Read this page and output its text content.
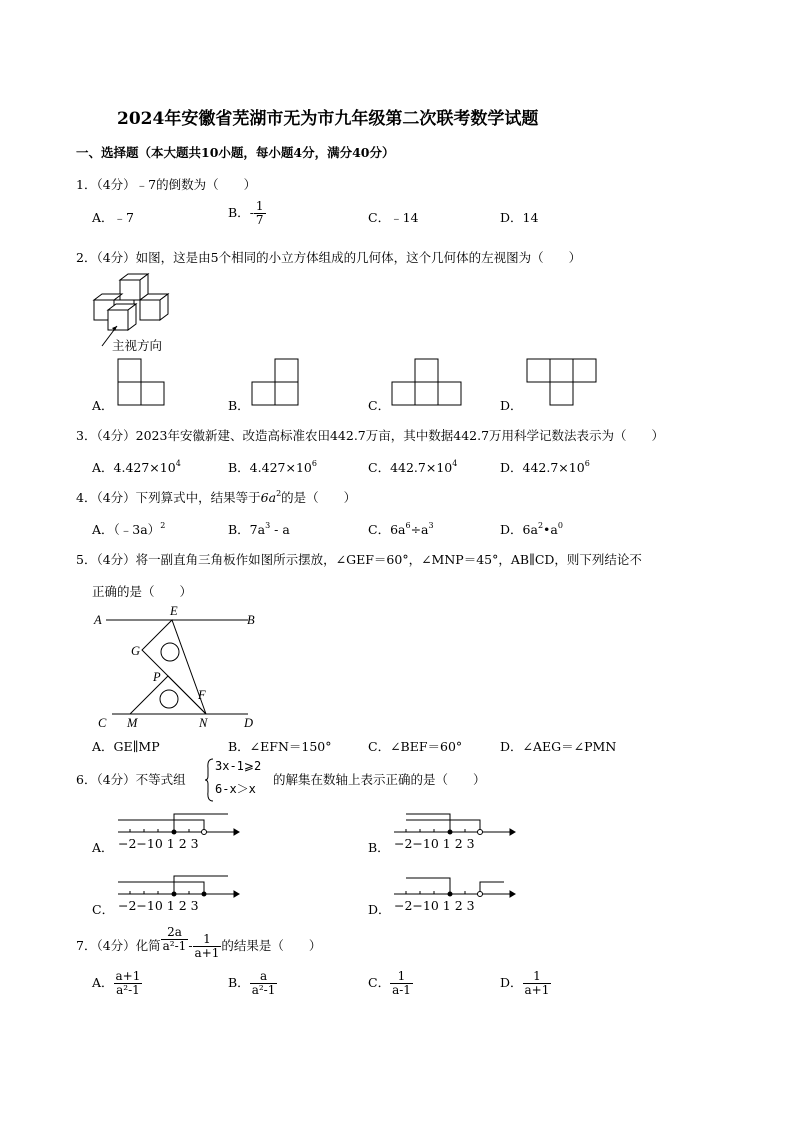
2024年安徽省芜湖市无为市九年级第二次联考数学试题
一、选择题（本大题共10小题，每小题4分，满分40分）
1．（4分）﹣7的倒数为（　　）
A．﹣7	B．- $\frac{1}{7}$	C．﹣14	D．14
2．（4分）如图，这是由5个相同的小立方体组成的几何体，这个几何体的左视图为（　　）
主视方向
A．	B．	C．	D．
3．（4分）2023年安徽新建、改造高标准农田442.7万亩，其中数据442.7万用科学记数法表示为（　　）
A．$4.427\times 10^4$	B．$4.427\times 10^6$	C．$442.7\times 10^4$	D．$442.7\times 10^6$
4．（4分）下列算式中，结果等于$6a^2$的是（　　）
A．（﹣3a）$^2$	B．$7a^3$ - a	C．$6a^6\div a^3$	D．$6a^2•a^0$
5．（4分）将一副直角三角板作如图所示摆放，∠GEF＝60°，∠MNP＝45°，AB∥CD，则下列结论不
正确的是（　　）
A	B
E
G
P
F
C M	N	D
A．GE∥MP	B．∠EFN＝150°	C．∠BEF＝60°	D．∠AEG＝∠PMN
6．（4分）不等式组
3x-1⩾2
6-x＞x
的解集在数轴上表示正确的是（　　）
A． −2−10 1 2 3	B． −2−10 1 2 3
C． −2−10 1 2 3	D． −2−10 1 2 3
7．（4分）化简 $\frac{2a}{\text{a²-1}} - \frac{1}{a+1}$ 的结果是（　　）
A． $\frac{a+1}{\text{a²-1}}$	B． $\frac{a}{\text{a²-1}}$	C． $\frac{1}{a-1}$	D． $\frac{1}{a+1}$
